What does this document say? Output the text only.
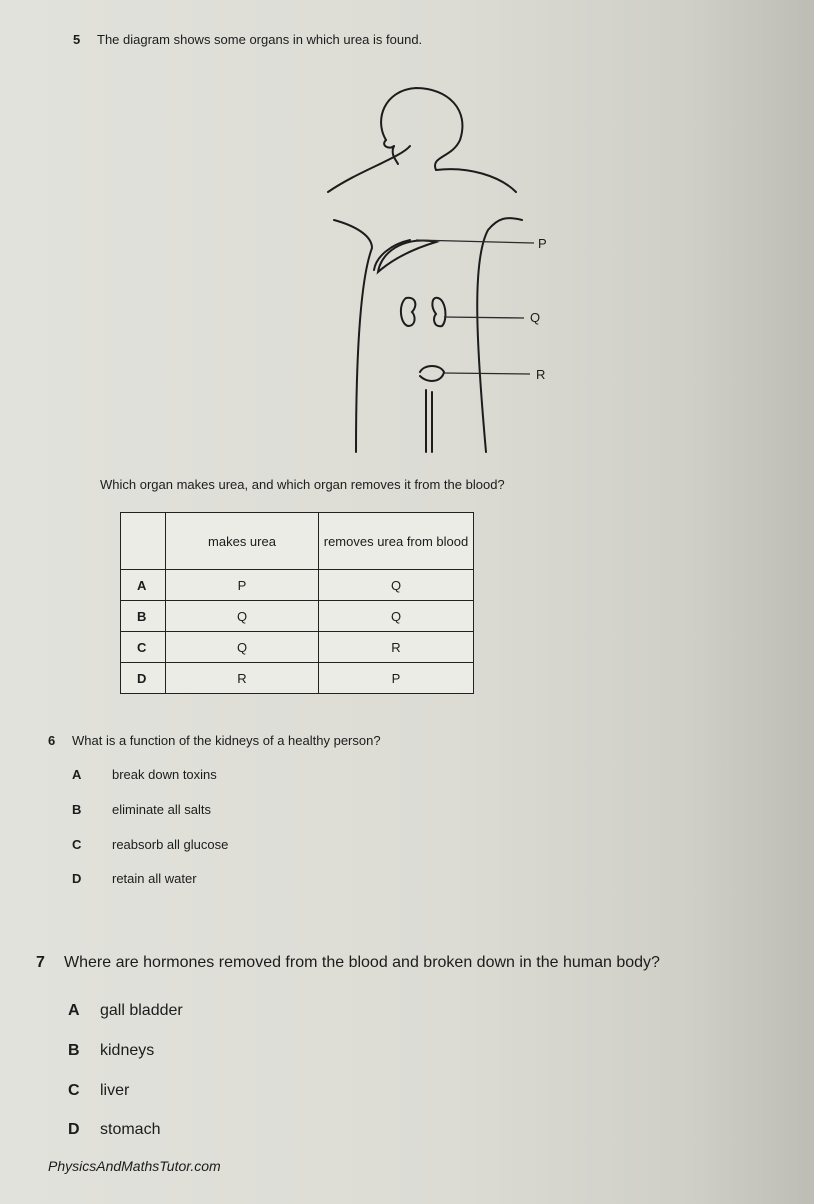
5 The diagram shows some organs in which urea is found.
P
Q
R
Which organ makes urea, and which organ removes it from the blood?
	makes urea	removes urea from blood
A	P	Q
B	Q	Q
C	Q	R
D	R	P
6 What is a function of the kidneys of a healthy person?
A break down toxins
B eliminate all salts
C reabsorb all glucose
D retain all water
7 Where are hormones removed from the blood and broken down in the human body?
A gall bladder
B kidneys
C liver
D stomach
PhysicsAndMathsTutor.com
